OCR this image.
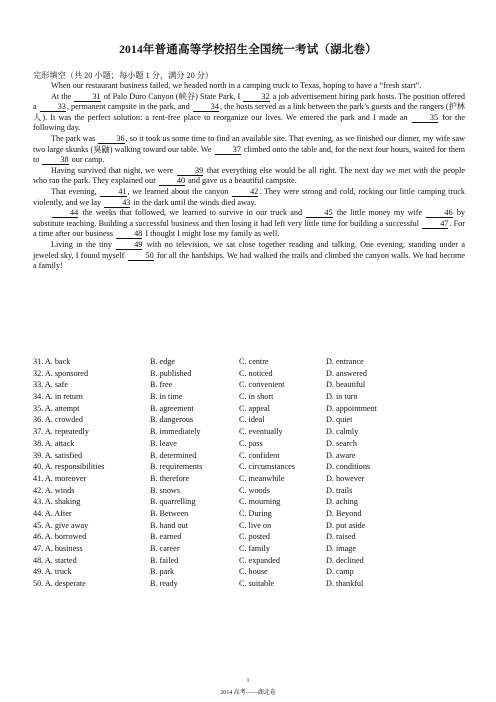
2014年普通高等学校招生全国统一考试（湖北卷）
完形填空（共 20 小题；每小题 1 分，满分 20 分）

When our restaurant business failed, we headed north in a camping truck to Texas, hoping to have a “fresh start”.

At the 31 of Palo Duro Canyon (峡谷) State Park, I 32 a job advertisement hiring park hosts. The position offered a 33, permanent campsite in the park, and 34, the hosts served as a link between the park’s guests and the rangers (护林人). It was the perfect solution: a rent-free place to reorganize our lives. We entered the park and I made an 35 for the following day.

The park was 36, so it took us some time to find an available site. That evening, as we finished our dinner, my wife saw two large skunks (臭鼬) walking toward our table. We 37 climbed onto the table and, for the next four hours, waited for them to 38 our camp.

Having survived that night, we were 39 that everything else would be all right. The next day we met with the people who ran the park. They explained our 40 and gave us a beautiful campsite.

That evening, 41, we learned about the canyon 42. They were strong and cold, rocking our little camping truck violently, and we lay 43 in the dark until the winds died away.

44 the weeks that followed, we learned to survive in our truck and 45 the little money my wife 46 by substitute teaching. Building a successful business and then losing it had left very little time for building a successful 47. For a time after our business 48 I thought I might lose my family as well.

Living in the tiny 49 with no television, we sat close together reading and talking. One evening, standing under a jeweled sky, I found myself 50 for all the hardships. We had walked the trails and climbed the canyon walls. We had become a family!

31. A. back	B. edge	C. centre	D. entrance
32. A. sponsored	B. published	C. noticed	D. answered
33. A. safe	B. free	C. convenient	D. beautiful
34. A. in return	B. in time	C. in short	D. in turn
35. A. attempt	B. agreement	C. appeal	D. appointment
36. A. crowded	B. dangerous	C. ideal	D. quiet
37. A. repeatedly	B. immediately	C. eventually	D. calmly
38. A. attack	B. leave	C. pass	D. search
39. A. satisfied	B. determined	C. confident	D. aware
40. A. responsibilities	B. requirements	C. circumstances	D. conditions
41. A. moreover	B. therefore	C. meanwhile	D. however
42. A. winds	B. snows	C. woods	D. trails
43. A. shaking	B. quarrelling	C. mourning	D. aching
44. A. After	B. Between	C. During	D. Beyond
45. A. give away	B. hand out	C. live on	D. put aside
46. A. borrowed	B. earned	C. posted	D. raised
47. A. business	B. career	C. family	D. image
48. A. started	B. failed	C. expanded	D. declined
49. A. truck	B. park	C. house	D. camp
50. A. desperate	B. ready	C. suitable	D. thankful
1
2014 高考——湖北卷
